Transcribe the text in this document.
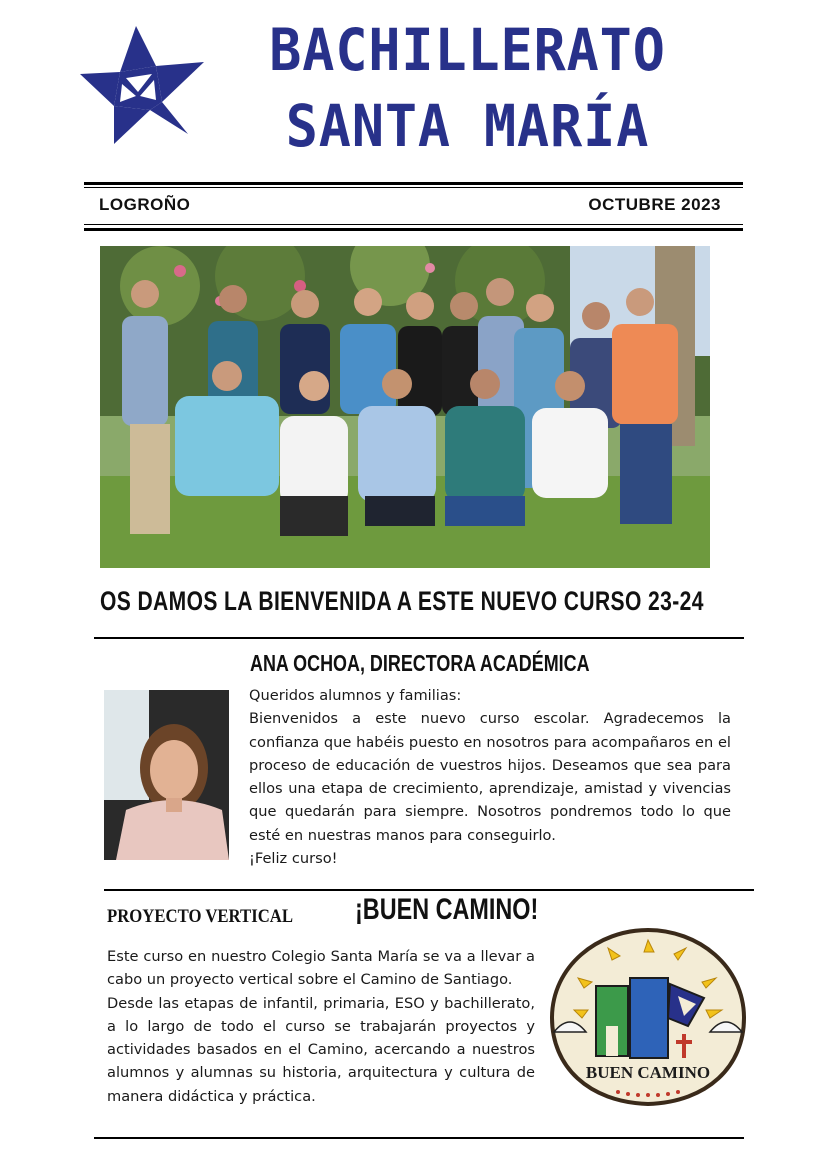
BACHILLERATO
SANTA MARÍA
LOGROÑO	OCTUBRE 2023
OS DAMOS LA BIENVENIDA A ESTE NUEVO CURSO 23-24
ANA OCHOA, DIRECTORA ACADÉMICA

Queridos alumnos y familias:

Bienvenidos a este nuevo curso escolar. Agradecemos la confianza que habéis puesto en nosotros para acompañaros en el proceso de educación de vuestros hijos. Deseamos que sea para ellos una etapa de crecimiento, aprendizaje, amistad y vivencias que quedarán para siempre. Nosotros pondremos todo lo que esté en nuestras manos para conseguirlo.

¡Feliz curso!

PROYECTO VERTICAL ¡BUEN CAMINO!

Este curso en nuestro Colegio Santa María se va a llevar a cabo un proyecto vertical sobre el Camino de Santiago.

Desde las etapas de infantil, primaria, ESO y bachillerato, a lo largo de todo el curso se trabajarán proyectos y actividades basados en el Camino, acercando a nuestros alumnos y alumnas su historia, arquitectura y cultura de manera didáctica y práctica.

BUEN CAMINO
